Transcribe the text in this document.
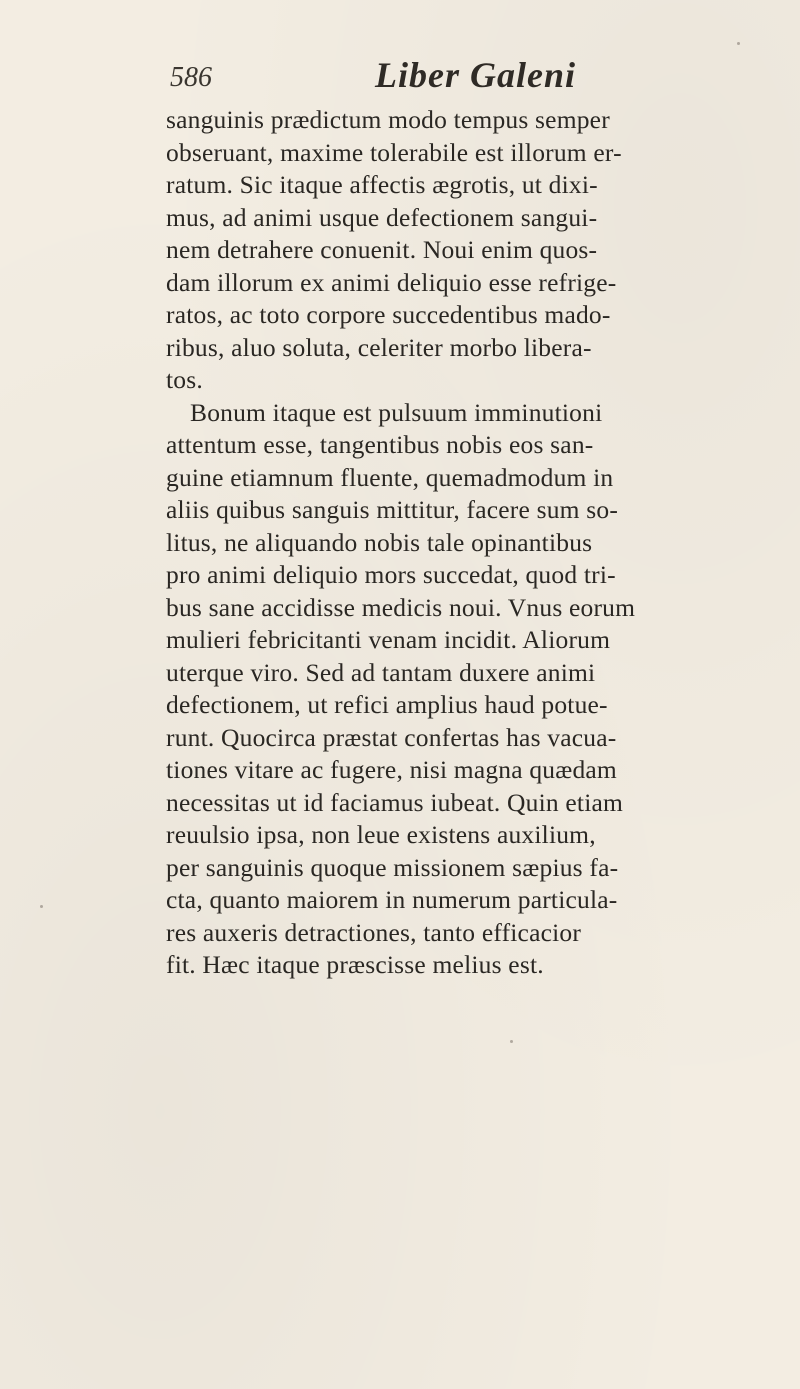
586	Liber Galeni
sanguinis prædictum modo tempus semper
obseruant, maxime tolerabile est illorum er-
ratum. Sic itaque affectis ægrotis, ut dixi-
mus, ad animi usque defectionem sangui-
nem detrahere conuenit. Noui enim quos-
dam illorum ex animi deliquio esse refrige-
ratos, ac toto corpore succedentibus mado-
ribus, aluo soluta, celeriter morbo libera-
tos.
Bonum itaque est pulsuum imminutioni
attentum esse, tangentibus nobis eos san-
guine etiamnum fluente, quemadmodum in
aliis quibus sanguis mittitur, facere sum so-
litus, ne aliquando nobis tale opinantibus
pro animi deliquio mors succedat, quod tri-
bus sane accidisse medicis noui. Vnus eorum
mulieri febricitanti venam incidit. Aliorum
uterque viro. Sed ad tantam duxere animi
defectionem, ut refici amplius haud potue-
runt. Quocirca præstat confertas has vacua-
tiones vitare ac fugere, nisi magna quædam
necessitas ut id faciamus iubeat. Quin etiam
reuulsio ipsa, non leue existens auxilium,
per sanguinis quoque missionem sæpius fa-
cta, quanto maiorem in numerum particula-
res auxeris detractiones, tanto efficacior
fit. Hæc itaque præscisse melius est.
